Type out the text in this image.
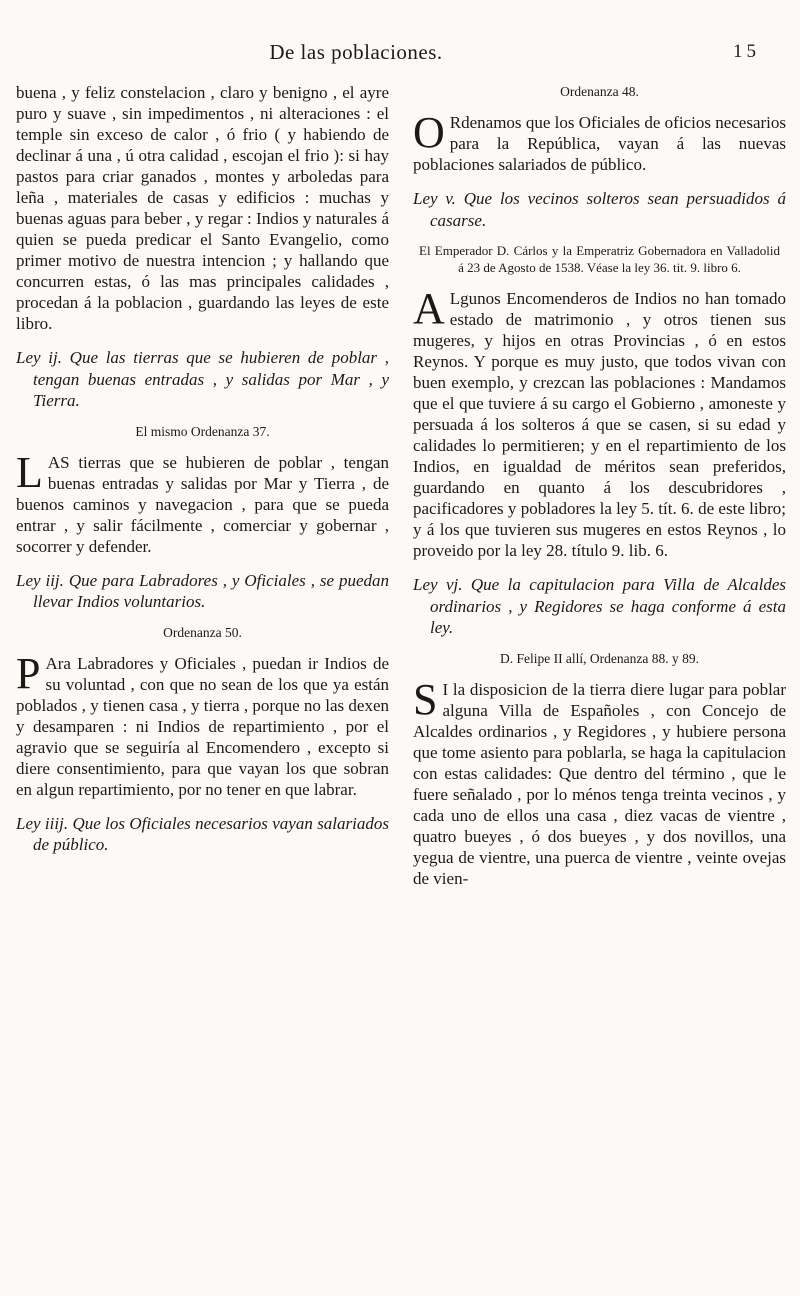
De las poblaciones.	15

buena , y feliz constelacion , claro y benigno , el ayre puro y suave , sin impedimentos , ni alteraciones : el temple sin exceso de calor , ó frio ( y habiendo de declinar á una , ú otra calidad , escojan el frio ): si hay pastos para criar ganados , montes y arboledas para leña , materiales de casas y edificios : muchas y buenas aguas para beber , y regar : Indios y naturales á quien se pueda predicar el Santo Evangelio, como primer motivo de nuestra intencion ; y hallando que concurren estas, ó las mas principales calidades , procedan á la poblacion , guardando las leyes de este libro.

Ley ij. Que las tierras que se hubieren de poblar , tengan buenas entradas , y salidas por Mar , y Tierra.

El mismo Ordenanza 37.

LAS tierras que se hubieren de poblar , tengan buenas entradas y salidas por Mar y Tierra , de buenos caminos y navegacion , para que se pueda entrar , y salir fácilmente , comerciar y gobernar , socorrer y defender.

Ley iij. Que para Labradores , y Oficiales , se puedan llevar Indios voluntarios.

Ordenanza 50.

P Ara Labradores y Oficiales , puedan ir Indios de su voluntad , con que no sean de los que ya están poblados , y tienen casa , y tierra , porque no las dexen y desamparen : ni Indios de repartimiento , por el agravio que se seguiría al Encomendero , excepto si diere consentimiento, para que vayan los que sobran en algun repartimiento, por no tener en que labrar.

Ley iiij. Que los Oficiales necesarios vayan salariados de público.

Ordenanza 48.

O Rdenamos que los Oficiales de oficios necesarios para la República, vayan á las nuevas poblaciones salariados de público.

Ley v. Que los vecinos solteros sean persuadidos á casarse.

El Emperador D. Cárlos y la Emperatriz Gobernadora en Valladolid á 23 de Agosto de 1538. Véase la ley 36. tit. 9. libro 6.

A Lgunos Encomenderos de Indios no han tomado estado de matrimonio , y otros tienen sus mugeres, y hijos en otras Provincias , ó en estos Reynos. Y porque es muy justo, que todos vivan con buen exemplo, y crezcan las poblaciones : Mandamos que el que tuviere á su cargo el Gobierno , amoneste y persuada á los solteros á que se casen, si su edad y calidades lo permitieren; y en el repartimiento de los Indios, en igualdad de méritos sean preferidos, guardando en quanto á los descubridores , pacificadores y pobladores la ley 5. tít. 6. de este libro; y á los que tuvieren sus mugeres en estos Reynos , lo proveido por la ley 28. título 9. lib. 6.

Ley vj. Que la capitulacion para Villa de Alcaldes ordinarios , y Regidores se haga conforme á esta ley.

D. Felipe II allí, Ordenanza 88. y 89.

S I la disposicion de la tierra diere lugar para poblar alguna Villa de Españoles , con Concejo de Alcaldes ordinarios , y Regidores , y hubiere persona que tome asiento para poblarla, se haga la capitulacion con estas calidades: Que dentro del término , que le fuere señalado , por lo ménos tenga treinta vecinos , y cada uno de ellos una casa , diez vacas de vientre , quatro bueyes , ó dos bueyes , y dos novillos, una yegua de vientre, una puerca de vientre , veinte ovejas de vien-
